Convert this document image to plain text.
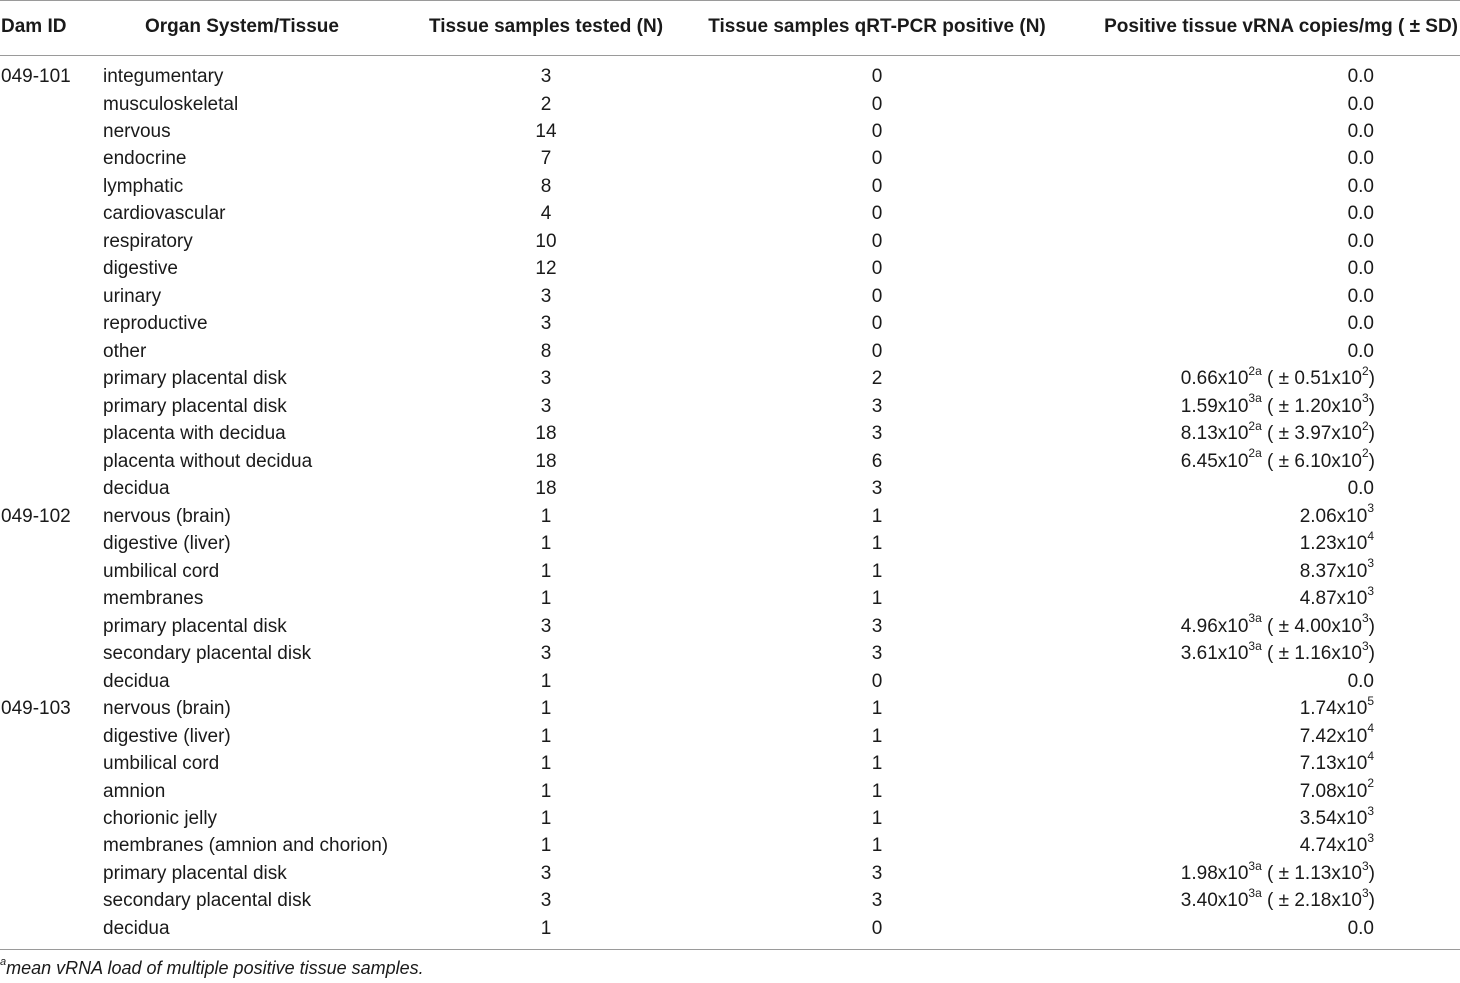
Dam ID	Organ System/Tissue	Tissue samples tested (N)	Tissue samples qRT-PCR positive (N)	Positive tissue vRNA copies/mg ( ± SD)
049-101 integumentary	3	0	0.0
musculoskeletal	2	0	0.0
nervous	14	0	0.0
endocrine	7	0	0.0
lymphatic	8	0	0.0
cardiovascular	4	0	0.0
respiratory	10	0	0.0
digestive	12	0	0.0
urinary	3	0	0.0
reproductive	3	0	0.0
other	8	0	0.0
primary placental disk	3	2	$0.66x10^{2a}$ ( ± $0.51x10^2$)
primary placental disk	3	3	$1.59x10^{3a}$ ( ± $1.20x10^3$)
placenta with decidua	18	3	$8.13x10^{2a}$ ( ± $3.97x10^2$)
placenta without decidua	18	6	$6.45x10^{2a}$ ( ± $6.10x10^2$)
decidua	18	3	0.0
049-102 nervous (brain)	1	1	$2.06x10^3$
digestive (liver)	1	1	$1.23x10^4$
umbilical cord	1	1	$8.37x10^3$
membranes	1	1	$4.87x10^3$
primary placental disk	3	3	$4.96x10^{3a}$ ( ± $4.00x10^3$)
secondary placental disk	3	3	$3.61x10^{3a}$ ( ± $1.16x10^3$)
decidua	1	0	0.0
049-103 nervous (brain)	1	1	$1.74x10^5$
digestive (liver)	1	1	$7.42x10^4$
umbilical cord	1	1	$7.13x10^4$
amnion	1	1	$7.08x10^2$
chorionic jelly	1	1	$3.54x10^3$
membranes (amnion and chorion)	1	1	$4.74x10^3$
primary placental disk	3	3	$1.98x10^{3a}$ ( ± $1.13x10^3$)
secondary placental disk	3	3	$3.40x10^{3a}$ ( ± $2.18x10^3$)
decidua	1	0	0.0
$^a$mean vRNA load of multiple positive tissue samples.
